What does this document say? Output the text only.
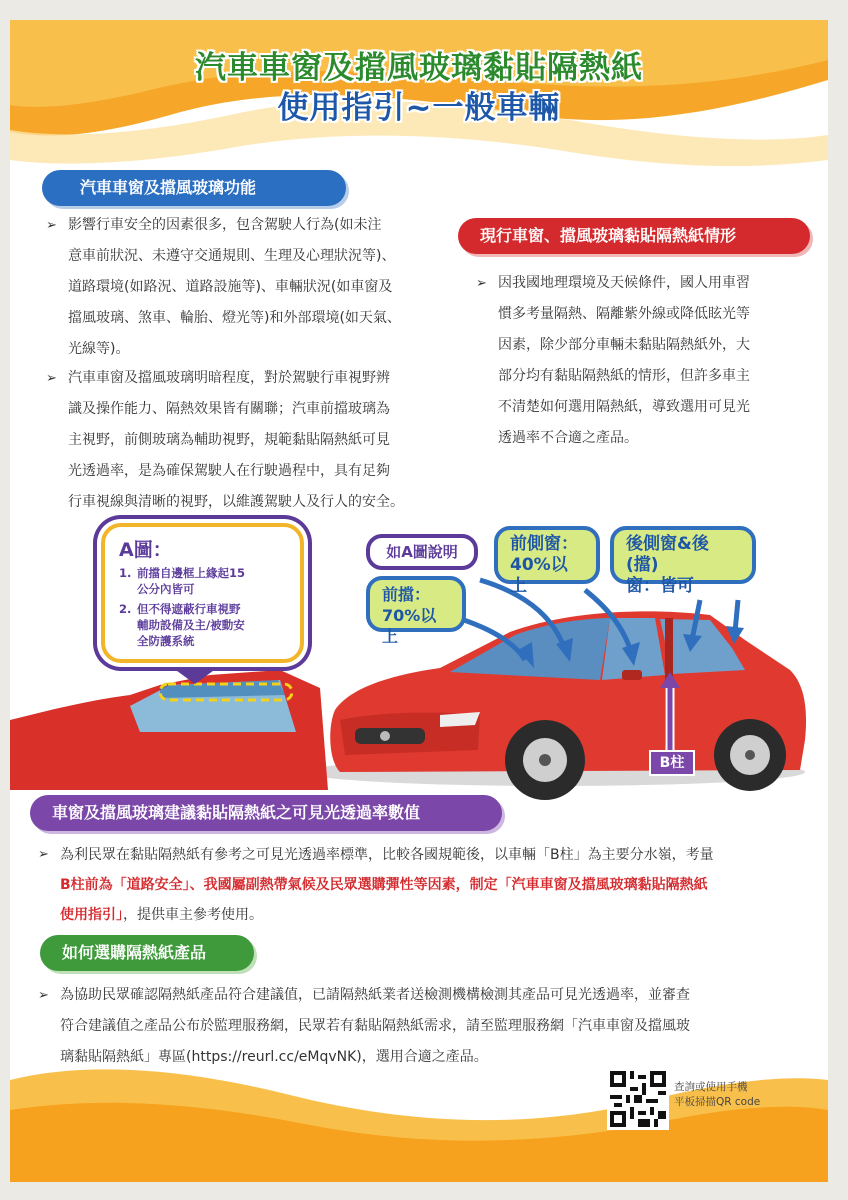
汽車車窗及擋風玻璃黏貼隔熱紙
使用指引~一般車輛
汽車車窗及擋風玻璃功能
➢ 影響行車安全的因素很多，包含駕駛人行為(如未注
意車前狀況、未遵守交通規則、生理及心理狀況等)、
道路環境(如路況、道路設施等)、車輛狀況(如車窗及
擋風玻璃、煞車、輪胎、燈光等)和外部環境(如天氣、
光線等)。
➢ 汽車車窗及擋風玻璃明暗程度，對於駕駛行車視野辨
識及操作能力、隔熱效果皆有關聯；汽車前擋玻璃為
主視野，前側玻璃為輔助視野，規範黏貼隔熱紙可見
光透過率，是為確保駕駛人在行駛過程中，具有足夠
行車視線與清晰的視野，以維護駕駛人及行人的安全。
現行車窗、擋風玻璃黏貼隔熱紙情形
➢ 因我國地理環境及天候條件，國人用車習
慣多考量隔熱、隔離紫外線或降低眩光等
因素，除少部分車輛未黏貼隔熱紙外，大
部分均有黏貼隔熱紙的情形，但許多車主
不清楚如何選用隔熱紙，導致選用可見光
透過率不合適之產品。
A圖：
1. 前擋自邊框上緣起15
公分內皆可
2. 但不得遮蔽行車視野
輔助設備及主/被動安
全防護系統
如A圖說明
前擋：
70%以上
前側窗：
40%以上
後側窗&後(擋)
窗：皆可
B柱
車窗及擋風玻璃建議黏貼隔熱紙之可見光透過率數值
➢ 為利民眾在黏貼隔熱紙有參考之可見光透過率標準，比較各國規範後，以車輛「B柱」為主要分水嶺，考量
B柱前為「道路安全」、我國屬副熱帶氣候及民眾選購彈性等因素，制定「汽車車窗及擋風玻璃黏貼隔熱紙
使用指引」，提供車主參考使用。
如何選購隔熱紙產品
➢ 為協助民眾確認隔熱紙產品符合建議值，已請隔熱紙業者送檢測機構檢測其產品可見光透過率，並審查
符合建議值之產品公布於監理服務網，民眾若有黏貼隔熱紙需求，請至監理服務網「汽車車窗及擋風玻
璃黏貼隔熱紙」專區(https://reurl.cc/eMqvNK)，選用合適之產品。
查詢或使用手機
平板掃描QR code
